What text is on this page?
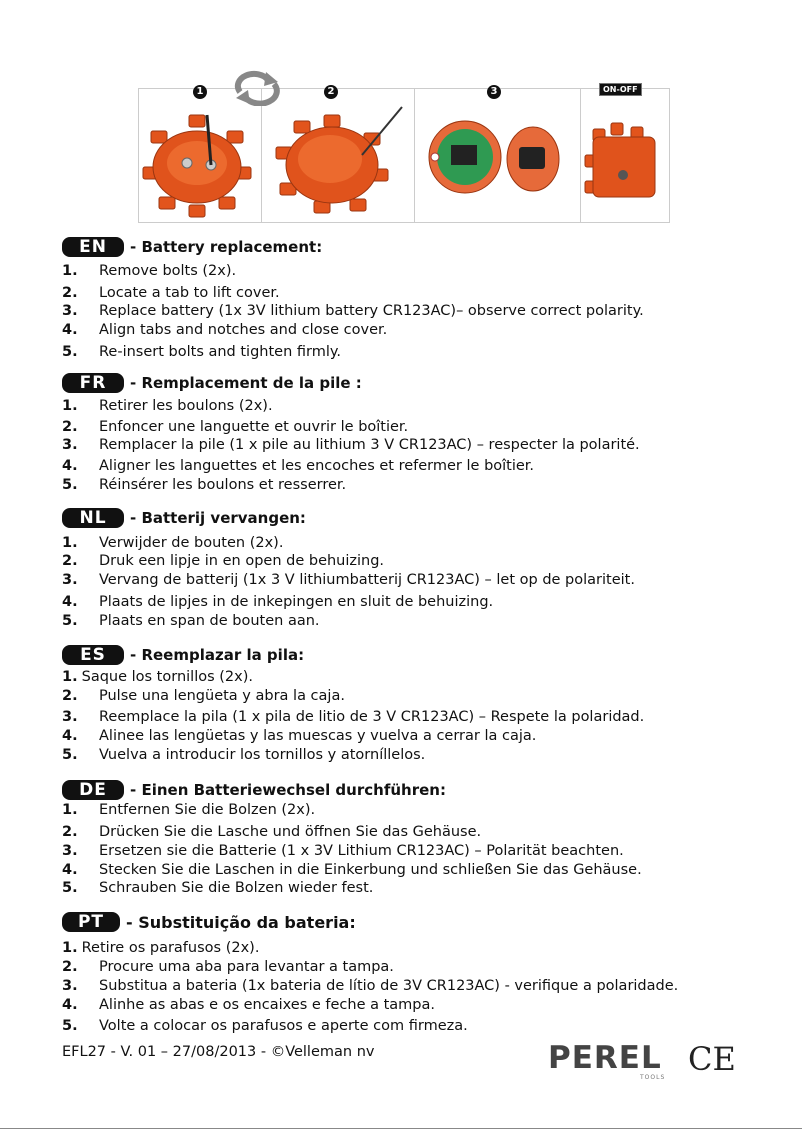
1	2	3	ON-OFF
EN	- Battery replacement:
1. Remove bolts (2x).
2. Locate a tab to lift cover.
3. Replace battery (1x 3V lithium battery CR123AC)– observe correct polarity.
4. Align tabs and notches and close cover.
5. Re-insert bolts and tighten firmly.
FR	- Remplacement de la pile :
1. Retirer les boulons (2x).
2. Enfoncer une languette et ouvrir le boîtier.
3. Remplacer la pile (1 x pile au lithium 3 V CR123AC) – respecter la polarité.
4. Aligner les languettes et les encoches et refermer le boîtier.
5. Réinsérer les boulons et resserrer.
NL	- Batterij vervangen:
1. Verwijder de bouten (2x).
2. Druk een lipje in en open de behuizing.
3. Vervang de batterij (1x 3 V lithiumbatterij CR123AC) – let op de polariteit.
4. Plaats de lipjes in de inkepingen en sluit de behuizing.
5. Plaats en span de bouten aan.
ES	- Reemplazar la pila:
1. Saque los tornillos (2x).
2. Pulse una lengüeta y abra la caja.
3. Reemplace la pila (1 x pila de litio de 3 V CR123AC) – Respete la polaridad.
4. Alinee las lengüetas y las muescas y vuelva a cerrar la caja.
5. Vuelva a introducir los tornillos y atorníllelos.
DE	- Einen Batteriewechsel durchführen:
1. Entfernen Sie die Bolzen (2x).
2. Drücken Sie die Lasche und öffnen Sie das Gehäuse.
3. Ersetzen sie die Batterie (1 x 3V Lithium CR123AC) – Polarität beachten.
4. Stecken Sie die Laschen in die Einkerbung und schließen Sie das Gehäuse.
5. Schrauben Sie die Bolzen wieder fest.
PT	- Substituição da bateria:
1. Retire os parafusos (2x).
2. Procure uma aba para levantar a tampa.
3. Substitua a bateria (1x bateria de lítio de 3V CR123AC) - verifique a polaridade.
4. Alinhe as abas e os encaixes e feche a tampa.
5. Volte a colocar os parafusos e aperte com firmeza.
EFL27 - V. 01 – 27/08/2013 - ©Velleman nv	PEREL
TOOLS CE
